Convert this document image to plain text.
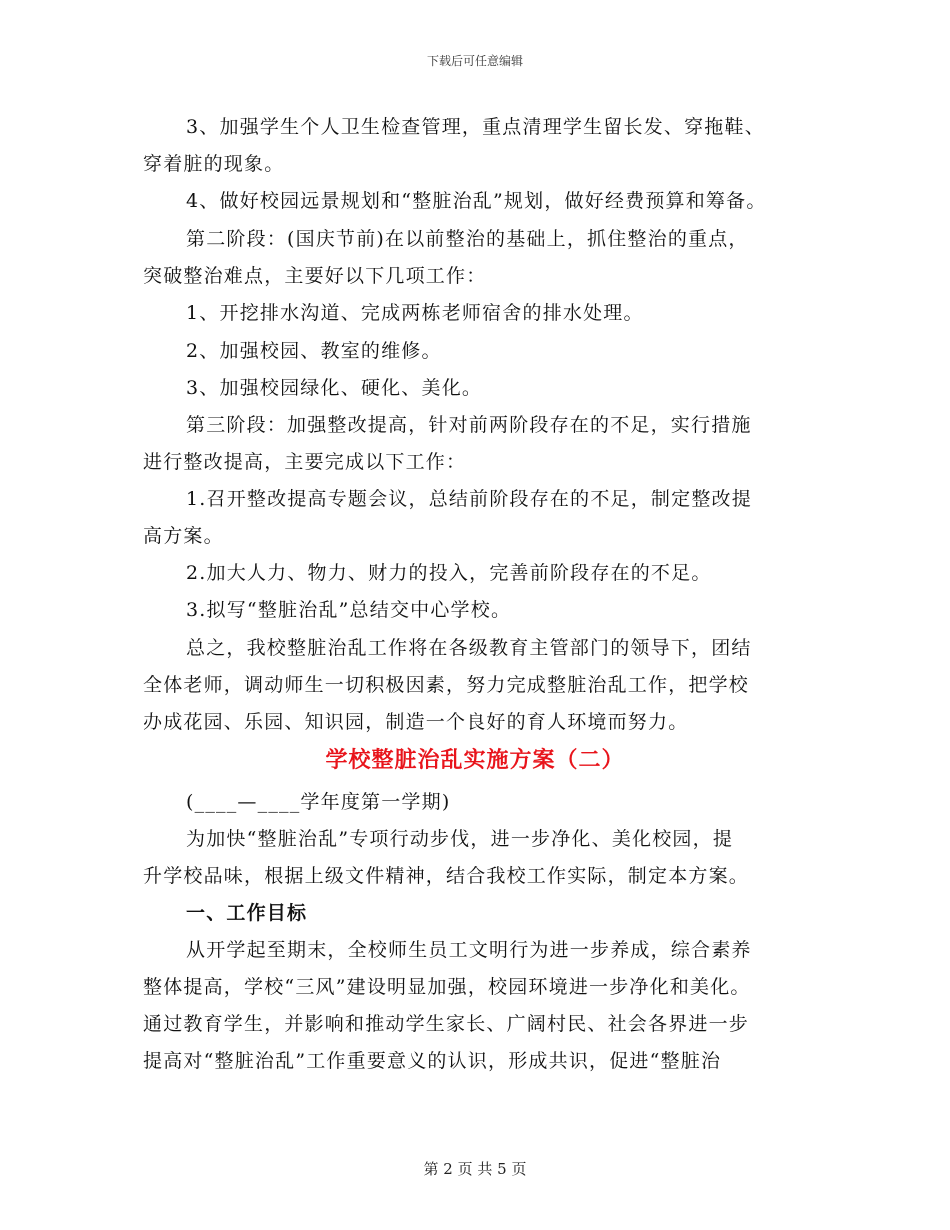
下载后可任意编辑
3、加强学生个人卫生检查管理，重点清理学生留长发、穿拖鞋、
穿着脏的现象。
4、做好校园远景规划和“整脏治乱”规划，做好经费预算和筹备。
第二阶段：(国庆节前)在以前整治的基础上，抓住整治的重点，
突破整治难点，主要好以下几项工作：
1、开挖排水沟道、完成两栋老师宿舍的排水处理。
2、加强校园、教室的维修。
3、加强校园绿化、硬化、美化。
第三阶段：加强整改提高，针对前两阶段存在的不足，实行措施
进行整改提高，主要完成以下工作：
1.召开整改提高专题会议，总结前阶段存在的不足，制定整改提
高方案。
2.加大人力、物力、财力的投入，完善前阶段存在的不足。
3.拟写“整脏治乱”总结交中心学校。
总之，我校整脏治乱工作将在各级教育主管部门的领导下，团结
全体老师，调动师生一切积极因素，努力完成整脏治乱工作，把学校
办成花园、乐园、知识园，制造一个良好的育人环境而努力。
学校整脏治乱实施方案（二）
(____—____学年度第一学期)
为加快“整脏治乱”专项行动步伐，进一步净化、美化校园，提
升学校品味，根据上级文件精神，结合我校工作实际，制定本方案。
一、工作目标
从开学起至期末，全校师生员工文明行为进一步养成，综合素养
整体提高，学校“三风”建设明显加强，校园环境进一步净化和美化。
通过教育学生，并影响和推动学生家长、广阔村民、社会各界进一步
提高对“整脏治乱”工作重要意义的认识，形成共识，促进“整脏治
第 2 页 共 5 页
